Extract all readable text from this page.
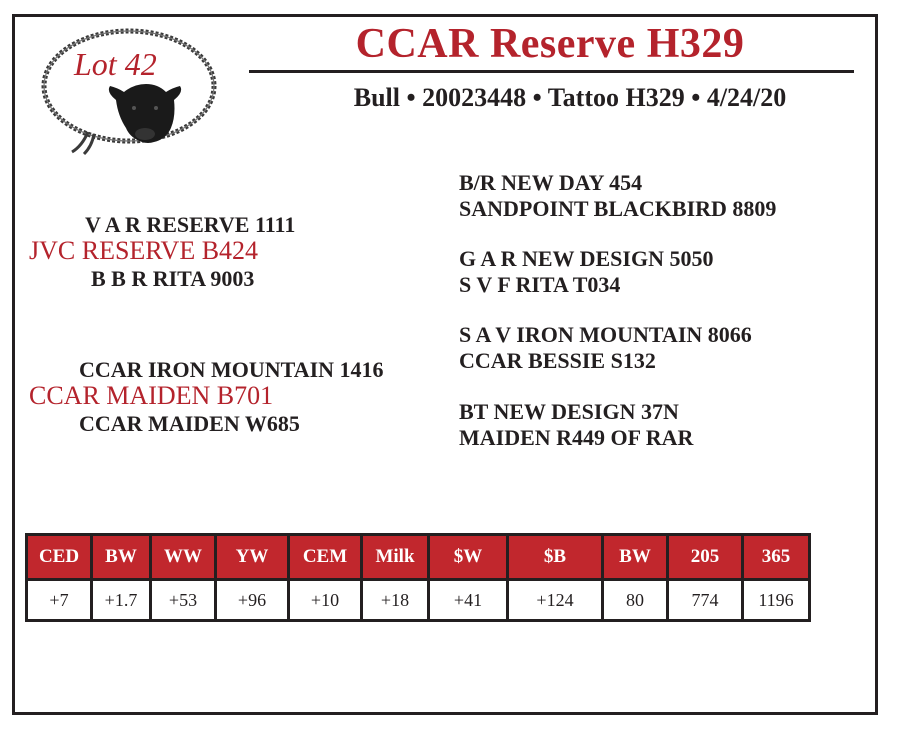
Lot 42	CCAR Reserve H329
Bull • 20023448 • Tattoo H329 • 4/24/20
V A R RESERVE 1111
JVC RESERVE B424
B B R RITA 9003
CCAR IRON MOUNTAIN 1416
CCAR MAIDEN B701
CCAR MAIDEN W685
B/R NEW DAY 454
SANDPOINT BLACKBIRD 8809
G A R NEW DESIGN 5050
S V F RITA T034
S A V IRON MOUNTAIN 8066
CCAR BESSIE S132
BT NEW DESIGN 37N
MAIDEN R449 OF RAR
CED	BW	WW	YW	CEM	Milk	$W	$B	BW	205	365
+7	+1.7	+53	+96	+10	+18	+41	+124	80	774	1196
